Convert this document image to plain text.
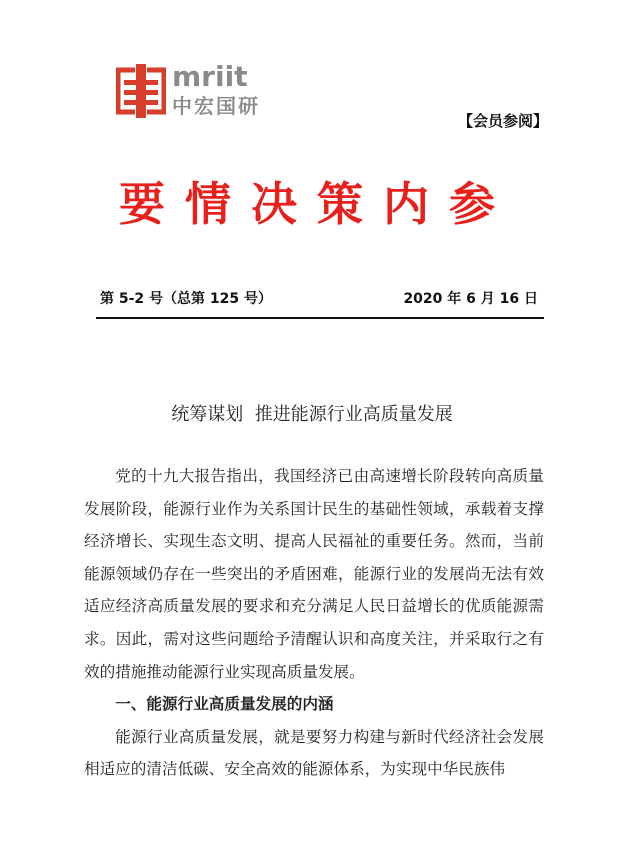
mriit
中宏国研
【会员参阅】
要情决策内参
第 5-2 号（总第 125 号）	2020 年 6 月 16 日
统筹谋划  推进能源行业高质量发展

党的十九大报告指出，我国经济已由高速增长阶段转向高质量发展阶段，能源行业作为关系国计民生的基础性领域，承载着支撑经济增长、实现生态文明、提高人民福祉的重要任务。然而，当前能源领域仍存在一些突出的矛盾困难，能源行业的发展尚无法有效适应经济高质量发展的要求和充分满足人民日益增长的优质能源需求。因此，需对这些问题给予清醒认识和高度关注，并采取行之有效的措施推动能源行业实现高质量发展。

一、能源行业高质量发展的内涵

能源行业高质量发展，就是要努力构建与新时代经济社会发展相适应的清洁低碳、安全高效的能源体系，为实现中华民族伟
